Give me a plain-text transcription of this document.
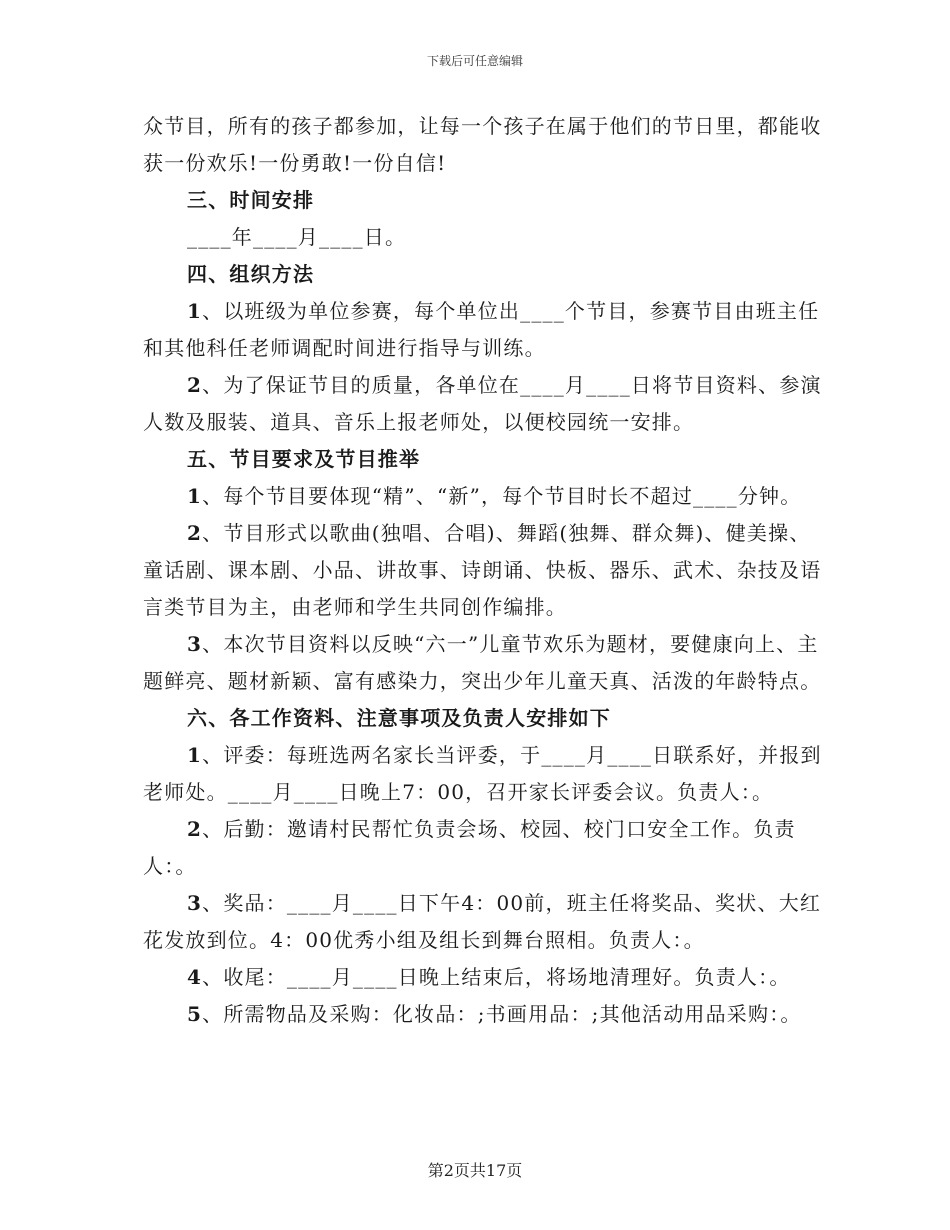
下载后可任意编辑

众节目，所有的孩子都参加，让每一个孩子在属于他们的节日里，都能收获一份欢乐!一份勇敢!一份自信!

三、时间安排

____年____月____日。

四、组织方法

1、以班级为单位参赛，每个单位出____个节目，参赛节目由班主任和其他科任老师调配时间进行指导与训练。

2、为了保证节目的质量，各单位在____月____日将节目资料、参演人数及服装、道具、音乐上报老师处，以便校园统一安排。

五、节目要求及节目推举

1、每个节目要体现“精”、“新”，每个节目时长不超过____分钟。

2、节目形式以歌曲(独唱、合唱)、舞蹈(独舞、群众舞)、健美操、童话剧、课本剧、小品、讲故事、诗朗诵、快板、器乐、武术、杂技及语言类节目为主，由老师和学生共同创作编排。

3、本次节目资料以反映“六一”儿童节欢乐为题材，要健康向上、主题鲜亮、题材新颖、富有感染力，突出少年儿童天真、活泼的年龄特点。

六、各工作资料、注意事项及负责人安排如下

1、评委：每班选两名家长当评委，于____月____日联系好，并报到老师处。____月____日晚上7：00，召开家长评委会议。负责人：。

2、后勤：邀请村民帮忙负责会场、校园、校门口安全工作。负责人：。

3、奖品：____月____日下午4：00前，班主任将奖品、奖状、大红花发放到位。4：00优秀小组及组长到舞台照相。负责人：。

4、收尾：____月____日晚上结束后，将场地清理好。负责人：。

5、所需物品及采购：化妆品：;书画用品：;其他活动用品采购：。

第2页共17页
